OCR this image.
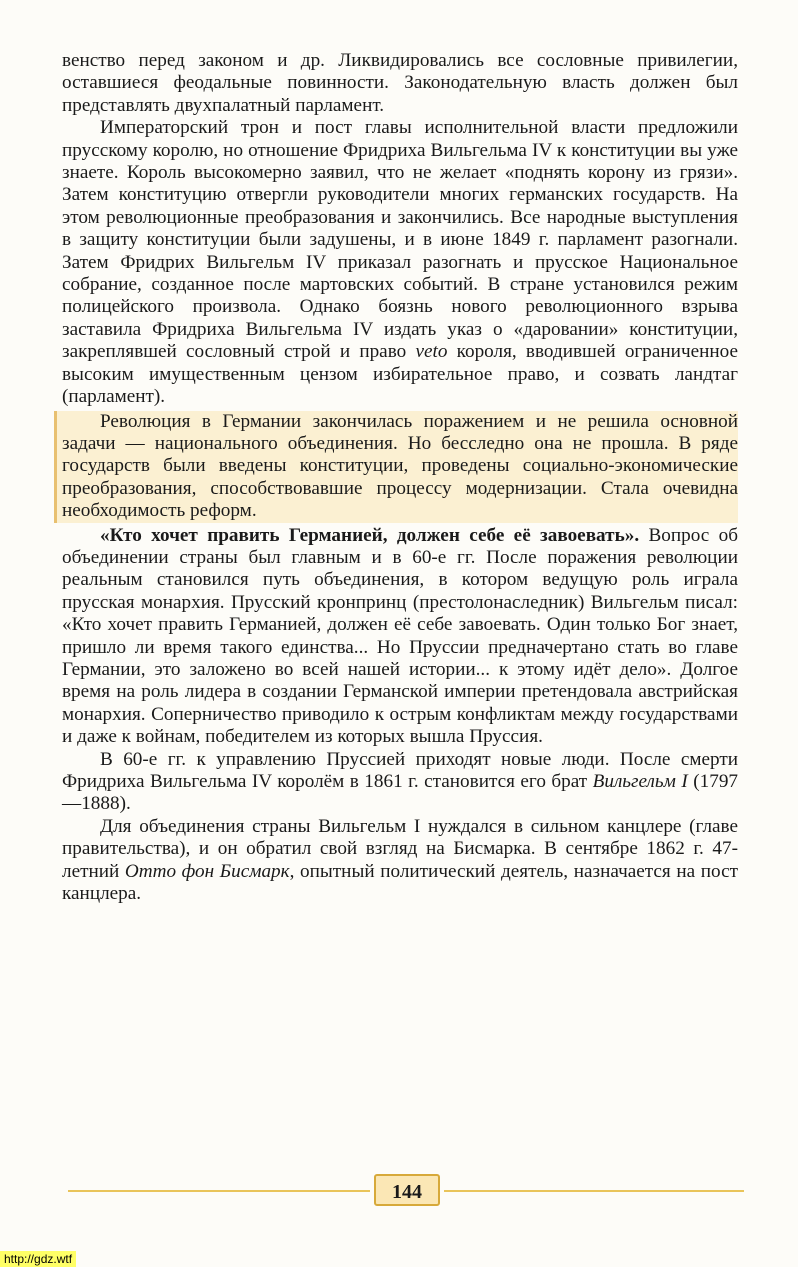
венство перед законом и др. Ликвидировались все сословные привилегии, оставшиеся феодальные повинности. Законодательную власть должен был представлять двухпалатный парламент.

Императорский трон и пост главы исполнительной власти предложили прусскому королю, но отношение Фридриха Вильгельма IV к конституции вы уже знаете. Король высокомерно заявил, что не желает «поднять корону из грязи». Затем конституцию отвергли руководители многих германских государств. На этом революционные преобразования и закончились. Все народные выступления в защиту конституции были задушены, и в июне 1849 г. парламент разогнали. Затем Фридрих Вильгельм IV приказал разогнать и прусское Национальное собрание, созданное после мартовских событий. В стране установился режим полицейского произвола. Однако боязнь нового революционного взрыва заставила Фридриха Вильгельма IV издать указ о «даровании» конституции, закреплявшей сословный строй и право veto короля, вводившей ограниченное высоким имущественным цензом избирательное право, и созвать ландтаг (парламент).

Революция в Германии закончилась поражением и не решила основной задачи — национального объединения. Но бесследно она не прошла. В ряде государств были введены конституции, проведены социально-экономические преобразования, способствовавшие процессу модернизации. Стала очевидна необходимость реформ.

«Кто хочет править Германией, должен себе её завоевать». Вопрос об объединении страны был главным и в 60-е гг. После поражения революции реальным становился путь объединения, в котором ведущую роль играла прусская монархия. Прусский кронпринц (престолонаследник) Вильгельм писал: «Кто хочет править Германией, должен её себе завоевать. Один только Бог знает, пришло ли время такого единства... Но Пруссии предначертано стать во главе Германии, это заложено во всей нашей истории... к этому идёт дело». Долгое время на роль лидера в создании Германской империи претендовала австрийская монархия. Соперничество приводило к острым конфликтам между государствами и даже к войнам, победителем из которых вышла Пруссия.

В 60-е гг. к управлению Пруссией приходят новые люди. После смерти Фридриха Вильгельма IV королём в 1861 г. становится его брат Вильгельм I (1797—1888).

Для объединения страны Вильгельм I нуждался в сильном канцлере (главе правительства), и он обратил свой взгляд на Бисмарка. В сентябре 1862 г. 47-летний Отто фон Бисмарк, опытный политический деятель, назначается на пост канцлера.

144
http://gdz.wtf
